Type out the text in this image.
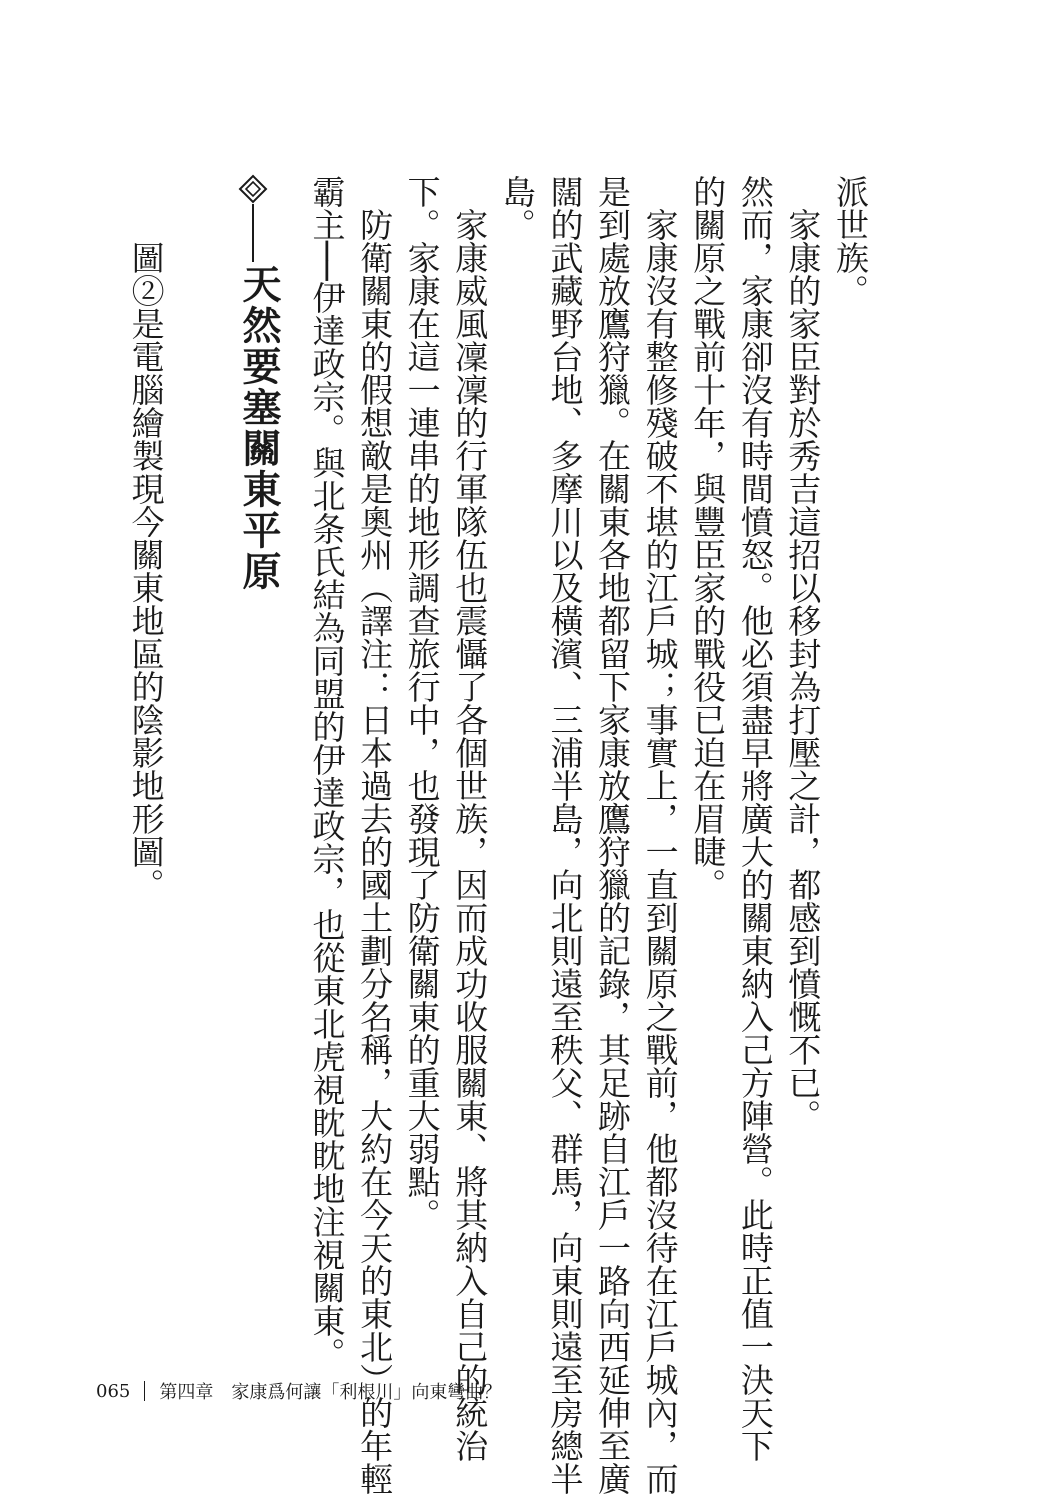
派世族。
　家康的家臣對於秀吉這招以移封為打壓之計，都感到憤慨不已。
然而，家康卻沒有時間憤怒。他必須盡早將廣大的關東納入己方陣營。此時正值一決天下
的關原之戰前十年，與豐臣家的戰役已迫在眉睫。
　家康沒有整修殘破不堪的江戶城；事實上，一直到關原之戰前，他都沒待在江戶城內，而
是到處放鷹狩獵。在關東各地都留下家康放鷹狩獵的記錄，其足跡自江戶一路向西延伸至廣
闊的武藏野台地、多摩川以及橫濱、三浦半島，向北則遠至秩父、群馬，向東則遠至房總半
島。
　家康威風凜凜的行軍隊伍也震懾了各個世族，因而成功收服關東、將其納入自己的統治
下。家康在這一連串的地形調查旅行中，也發現了防衛關東的重大弱點。
　防衛關東的假想敵是奧州（譯注：日本過去的國土劃分名稱，大約在今天的東北）的年輕
霸主──伊達政宗。與北条氏結為同盟的伊達政宗，也從東北虎視眈眈地注視關東。
天然要塞關東平原
　圖②是電腦繪製現今關東地區的陰影地形圖。
065 第四章　家康爲何讓「利根川」向東彎曲？
